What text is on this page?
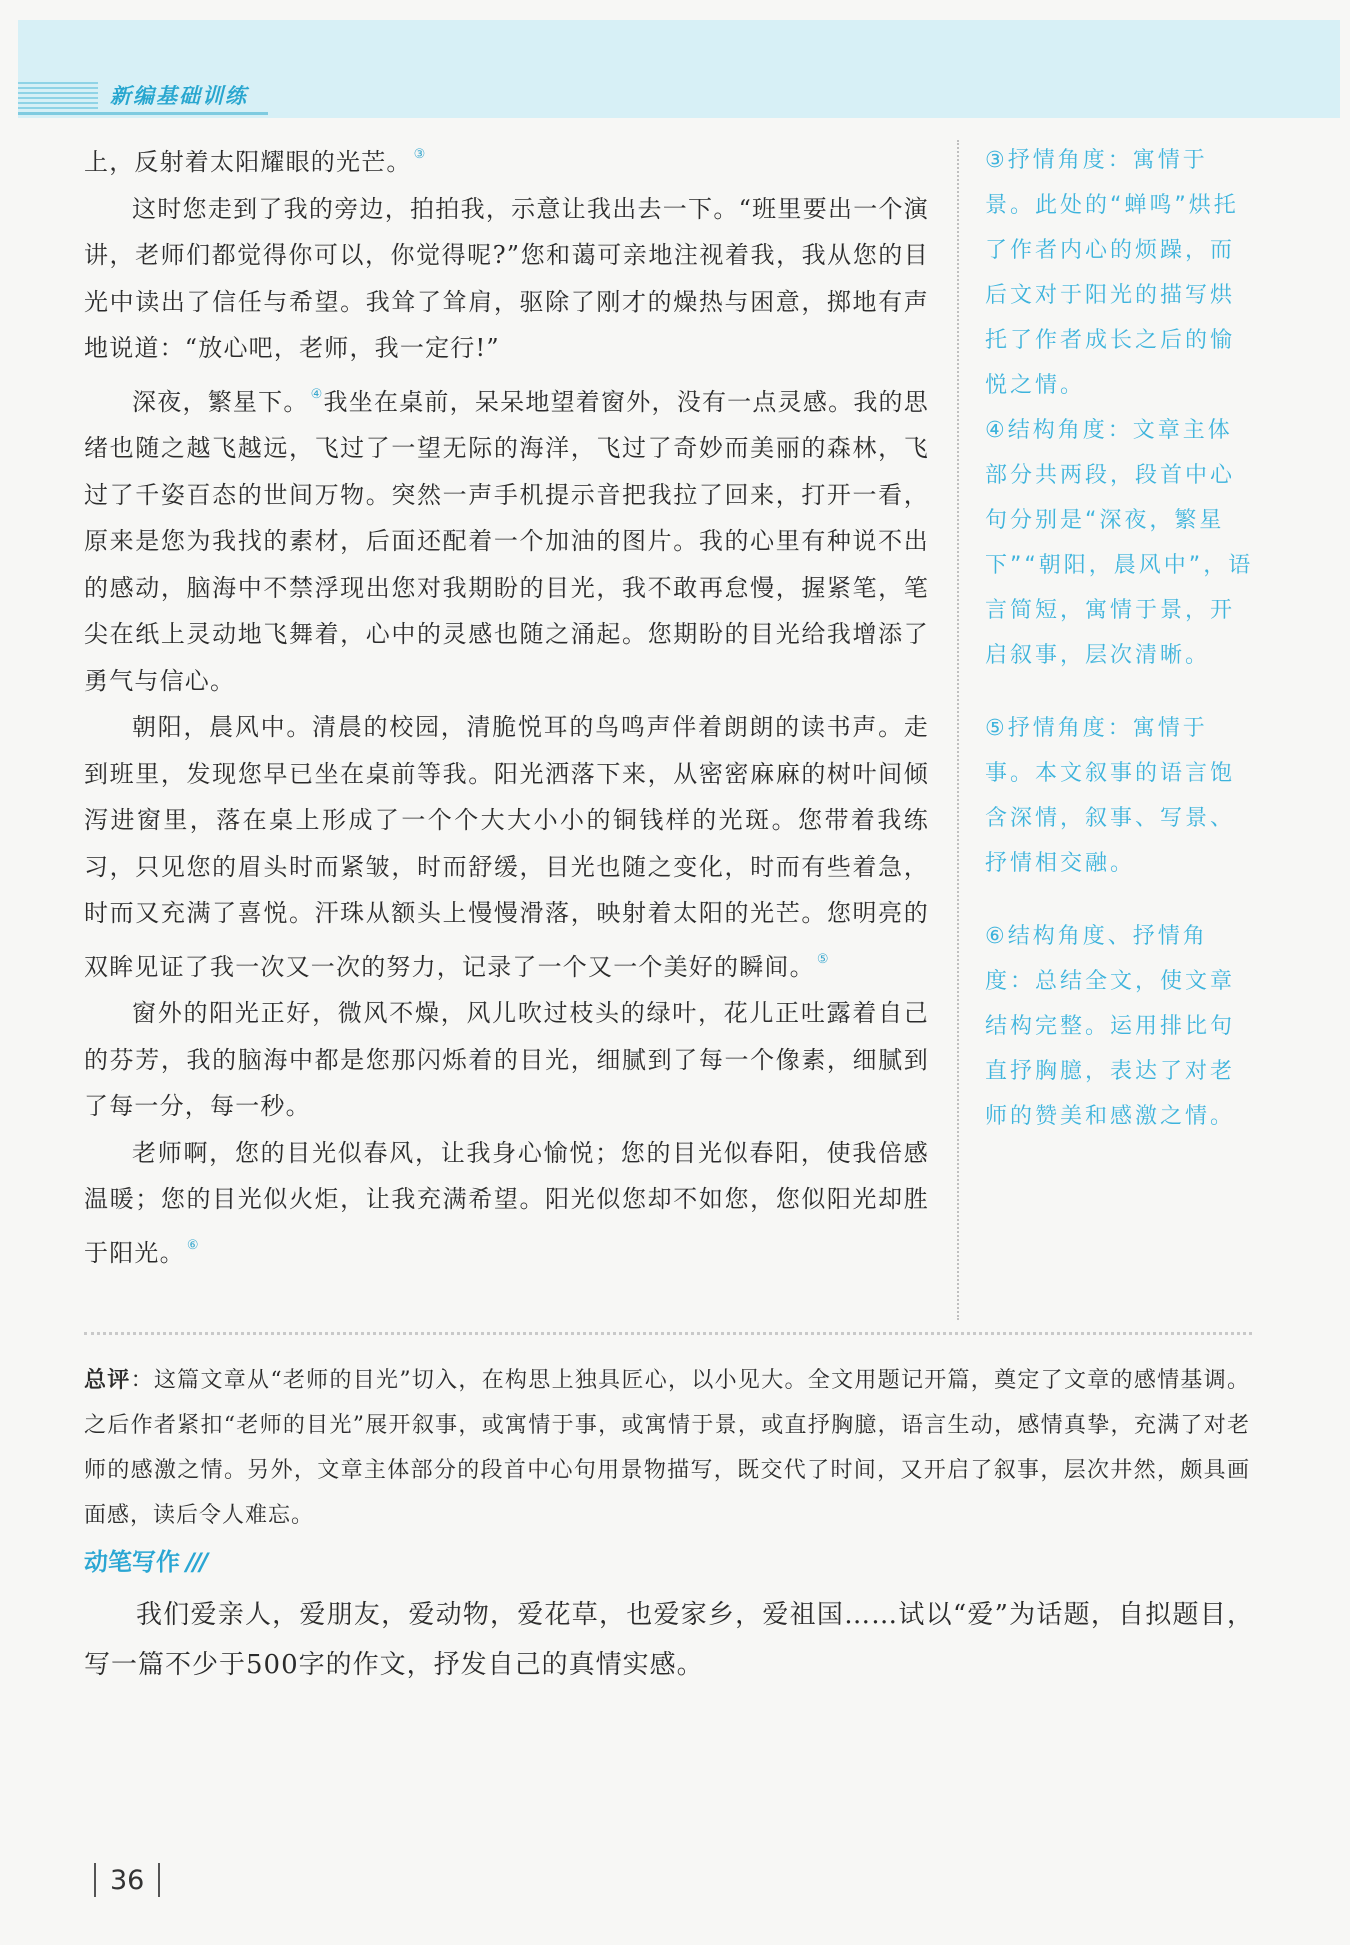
新编基础训练

上，反射着太阳耀眼的光芒。 ③

这时您走到了我的旁边，拍拍我，示意让我出去一下。“班里要出一个演讲，老师们都觉得你可以，你觉得呢?”您和蔼可亲地注视着我，我从您的目光中读出了信任与希望。我耸了耸肩，驱除了刚才的燥热与困意，掷地有声地说道：“放心吧，老师，我一定行!”

深夜，繁星下。 ④我坐在桌前，呆呆地望着窗外，没有一点灵感。我的思绪也随之越飞越远，飞过了一望无际的海洋，飞过了奇妙而美丽的森林，飞过了千姿百态的世间万物。突然一声手机提示音把我拉了回来，打开一看，原来是您为我找的素材，后面还配着一个加油的图片。我的心里有种说不出的感动，脑海中不禁浮现出您对我期盼的目光，我不敢再怠慢，握紧笔，笔尖在纸上灵动地飞舞着，心中的灵感也随之涌起。您期盼的目光给我增添了勇气与信心。

朝阳，晨风中。清晨的校园，清脆悦耳的鸟鸣声伴着朗朗的读书声。走到班里，发现您早已坐在桌前等我。阳光洒落下来，从密密麻麻的树叶间倾泻进窗里，落在桌上形成了一个个大大小小的铜钱样的光斑。您带着我练习，只见您的眉头时而紧皱，时而舒缓，目光也随之变化，时而有些着急，时而又充满了喜悦。汗珠从额头上慢慢滑落，映射着太阳的光芒。您明亮的双眸见证了我一次又一次的努力，记录了一个又一个美好的瞬间。 ⑤

窗外的阳光正好，微风不燥，风儿吹过枝头的绿叶，花儿正吐露着自己的芬芳，我的脑海中都是您那闪烁着的目光，细腻到了每一个像素，细腻到了每一分，每一秒。

老师啊，您的目光似春风，让我身心愉悦；您的目光似春阳，使我倍感温暖；您的目光似火炬，让我充满希望。阳光似您却不如您，您似阳光却胜于阳光。 ⑥

③抒情角度：寓情于景。此处的“蝉鸣”烘托了作者内心的烦躁，而后文对于阳光的描写烘托了作者成长之后的愉悦之情。
④结构角度：文章主体部分共两段，段首中心句分别是“深夜，繁星下”“朝阳，晨风中”，语言简短，寓情于景，开启叙事，层次清晰。
⑤抒情角度：寓情于事。本文叙事的语言饱含深情，叙事、写景、抒情相交融。
⑥结构角度、抒情角度：总结全文，使文章结构完整。运用排比句直抒胸臆，表达了对老师的赞美和感激之情。
总评：这篇文章从“老师的目光”切入，在构思上独具匠心，以小见大。全文用题记开篇，奠定了文章的感情基调。之后作者紧扣“老师的目光”展开叙事，或寓情于事，或寓情于景，或直抒胸臆，语言生动，感情真挚，充满了对老师的感激之情。另外，文章主体部分的段首中心句用景物描写，既交代了时间，又开启了叙事，层次井然，颇具画面感，读后令人难忘。
动笔写作 ///

我们爱亲人，爱朋友，爱动物，爱花草，也爱家乡，爱祖国……试以“爱”为话题，自拟题目，写一篇不少于500字的作文，抒发自己的真情实感。

36
